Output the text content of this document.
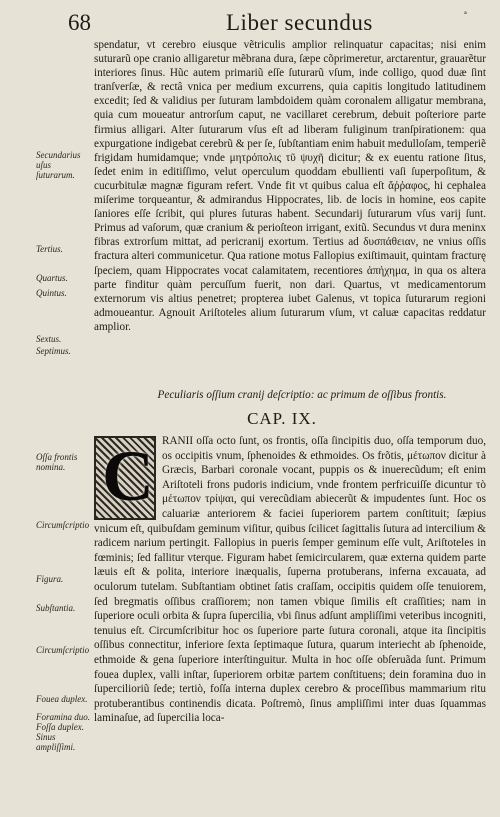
68	Liber secundus	ª

spendatur, vt cerebro eiusque vẽtriculis amplior relinquatur capacitas; nisi enim suturarũ ope cranio alligaretur mẽbrana dura, ſæpe cõprimeretur, arctarentur, grauarẽtur interiores ſinus. Hũc autem primariũ eſſe ſuturarũ vſum, inde colligo, quod duæ ſint tranſverſæ, & rectâ vnica per medium excurrens, quia capitis longitudo latitudinem excedit; ſed & validius per ſuturam lambdoidem quàm coronalem alligatur membrana, quia cum moueatur antrorſum caput, ne vacillaret cerebrum, debuit poſteriore parte firmius alligari. Alter ſuturarum vſus eſt ad liberam fuliginum tranſpirationem: qua expurgatione indigebat cerebrũ & per ſe, ſubſtantiam enim habuit medulloſam, temperiẽ frigidam humidamque; vnde μητρόπολις τῦ ψυχῆ dicitur; & ex euentu ratione ſitus, ſedet enim in editiſſimo, velut operculum quoddam ebullienti vaſi ſuperpoſitum, & cucurbitulæ magnæ figuram refert. Vnde fit vt quibus calua eſt ἄῤῥαφος, hi cephalea miſerime torqueantur, & admirandus Hippocrates, lib. de locis in homine, eos capite ſaniores eſſe ſcribit, qui plures ſuturas habent. Secundarij ſuturarum vſus varij ſunt. Primus ad vaſorum, quæ cranium & perioſteon irrigant, exitũ. Secundus vt dura meninx fibras extrorſum mittat, ad pericranij exortum. Tertius ad δυσπάθειαν, ne vnius oſſis fractura alteri communicetur. Qua ratione motus Fallopius exiſtimauit, quintam fracturę ſpeciem, quam Hippocrates vocat calamitatem, recentiores ἀπήχημα, in qua os altera parte finditur quàm percuſſum fuerit, non dari. Quartus, vt medicamentorum externorum vis altius penetret; propterea iubet Galenus, vt topica ſuturarum regioni admoueantur. Agnouit Ariſtoteles alium ſuturarum vſum, vt caluæ capacitas reddatur amplior.

Secundarius uſus ſuturarum.
Tertius.
Quartus.
Quintus.
Sextus.
Septimus.
Peculiaris oſſium cranij deſcriptio: ac primum de oſſibus frontis.
CAP. IX.

C RANII oſſa octo ſunt, os frontis, oſſa ſincipitis duo, oſſa temporum duo, os occipitis vnum, ſphenoides & ethmoides. Os frõtis, μέτωπον dicitur à Græcis, Barbari coronale vocant, puppis os & inuerecũdum; eſt enim Ariſtoteli frons pudoris indicium, vnde frontem perfricuiſſe dicuntur τὸ μέτωπον τρίψαι, qui verecũdiam abiecerũt & impudentes ſunt. Hoc os caluariæ anteriorem & faciei ſuperiorem partem conſtituit; ſæpius vnicum eſt, quibuſdam geminum viſitur, quibus ſcilicet ſagittalis ſutura ad intercilium & radicem narium pertingit. Fallopius in pueris ſemper geminum eſſe vult, Ariſtoteles in fœminis; ſed fallitur vterque. Figuram habet ſemicircularem, quæ externa quidem parte læuis eſt & polita, interiore inæqualis, ſuperna protuberans, inferna excauata, ad oculorum tutelam. Subſtantiam obtinet ſatis craſſam, occipitis quidem oſſe tenuiorem, ſed bregmatis oſſibus craſſiorem; non tamen vbique ſimilis eſt craſſities; nam in ſuperiore oculi orbita & ſupra ſupercilia, vbi ſinus adſunt ampliſſimi veteribus incogniti, tenuius eſt. Circumſcribitur hoc os ſuperiore parte ſutura coronali, atque ita ſincipitis oſſibus connectitur, inferiore ſexta ſeptimaque ſutura, quarum interiecht ab ſphenoide, ethmoide & gena ſuperiore interſtinguitur. Multa in hoc oſſe obſeruãda ſunt. Primum fouea duplex, valli inſtar, ſuperiorem orbitæ partem conſtituens; dein foramina duo in ſupercilioriũ ſede; tertiò, foſſa interna duplex cerebro & proceſſibus mammarium ritu protuberantibus continendis dicata. Poſtremò, ſinus ampliſſimi inter duas ſquammas laminaſue, ad ſupercilia loca-

Oſſa frontis nomina.
Circumſcriptio
Figura.
Subſtantia.
Circumſcriptio
Fouea duplex.
Foramina duo. Foſſa duplex. Sinus ampliſſimi.
